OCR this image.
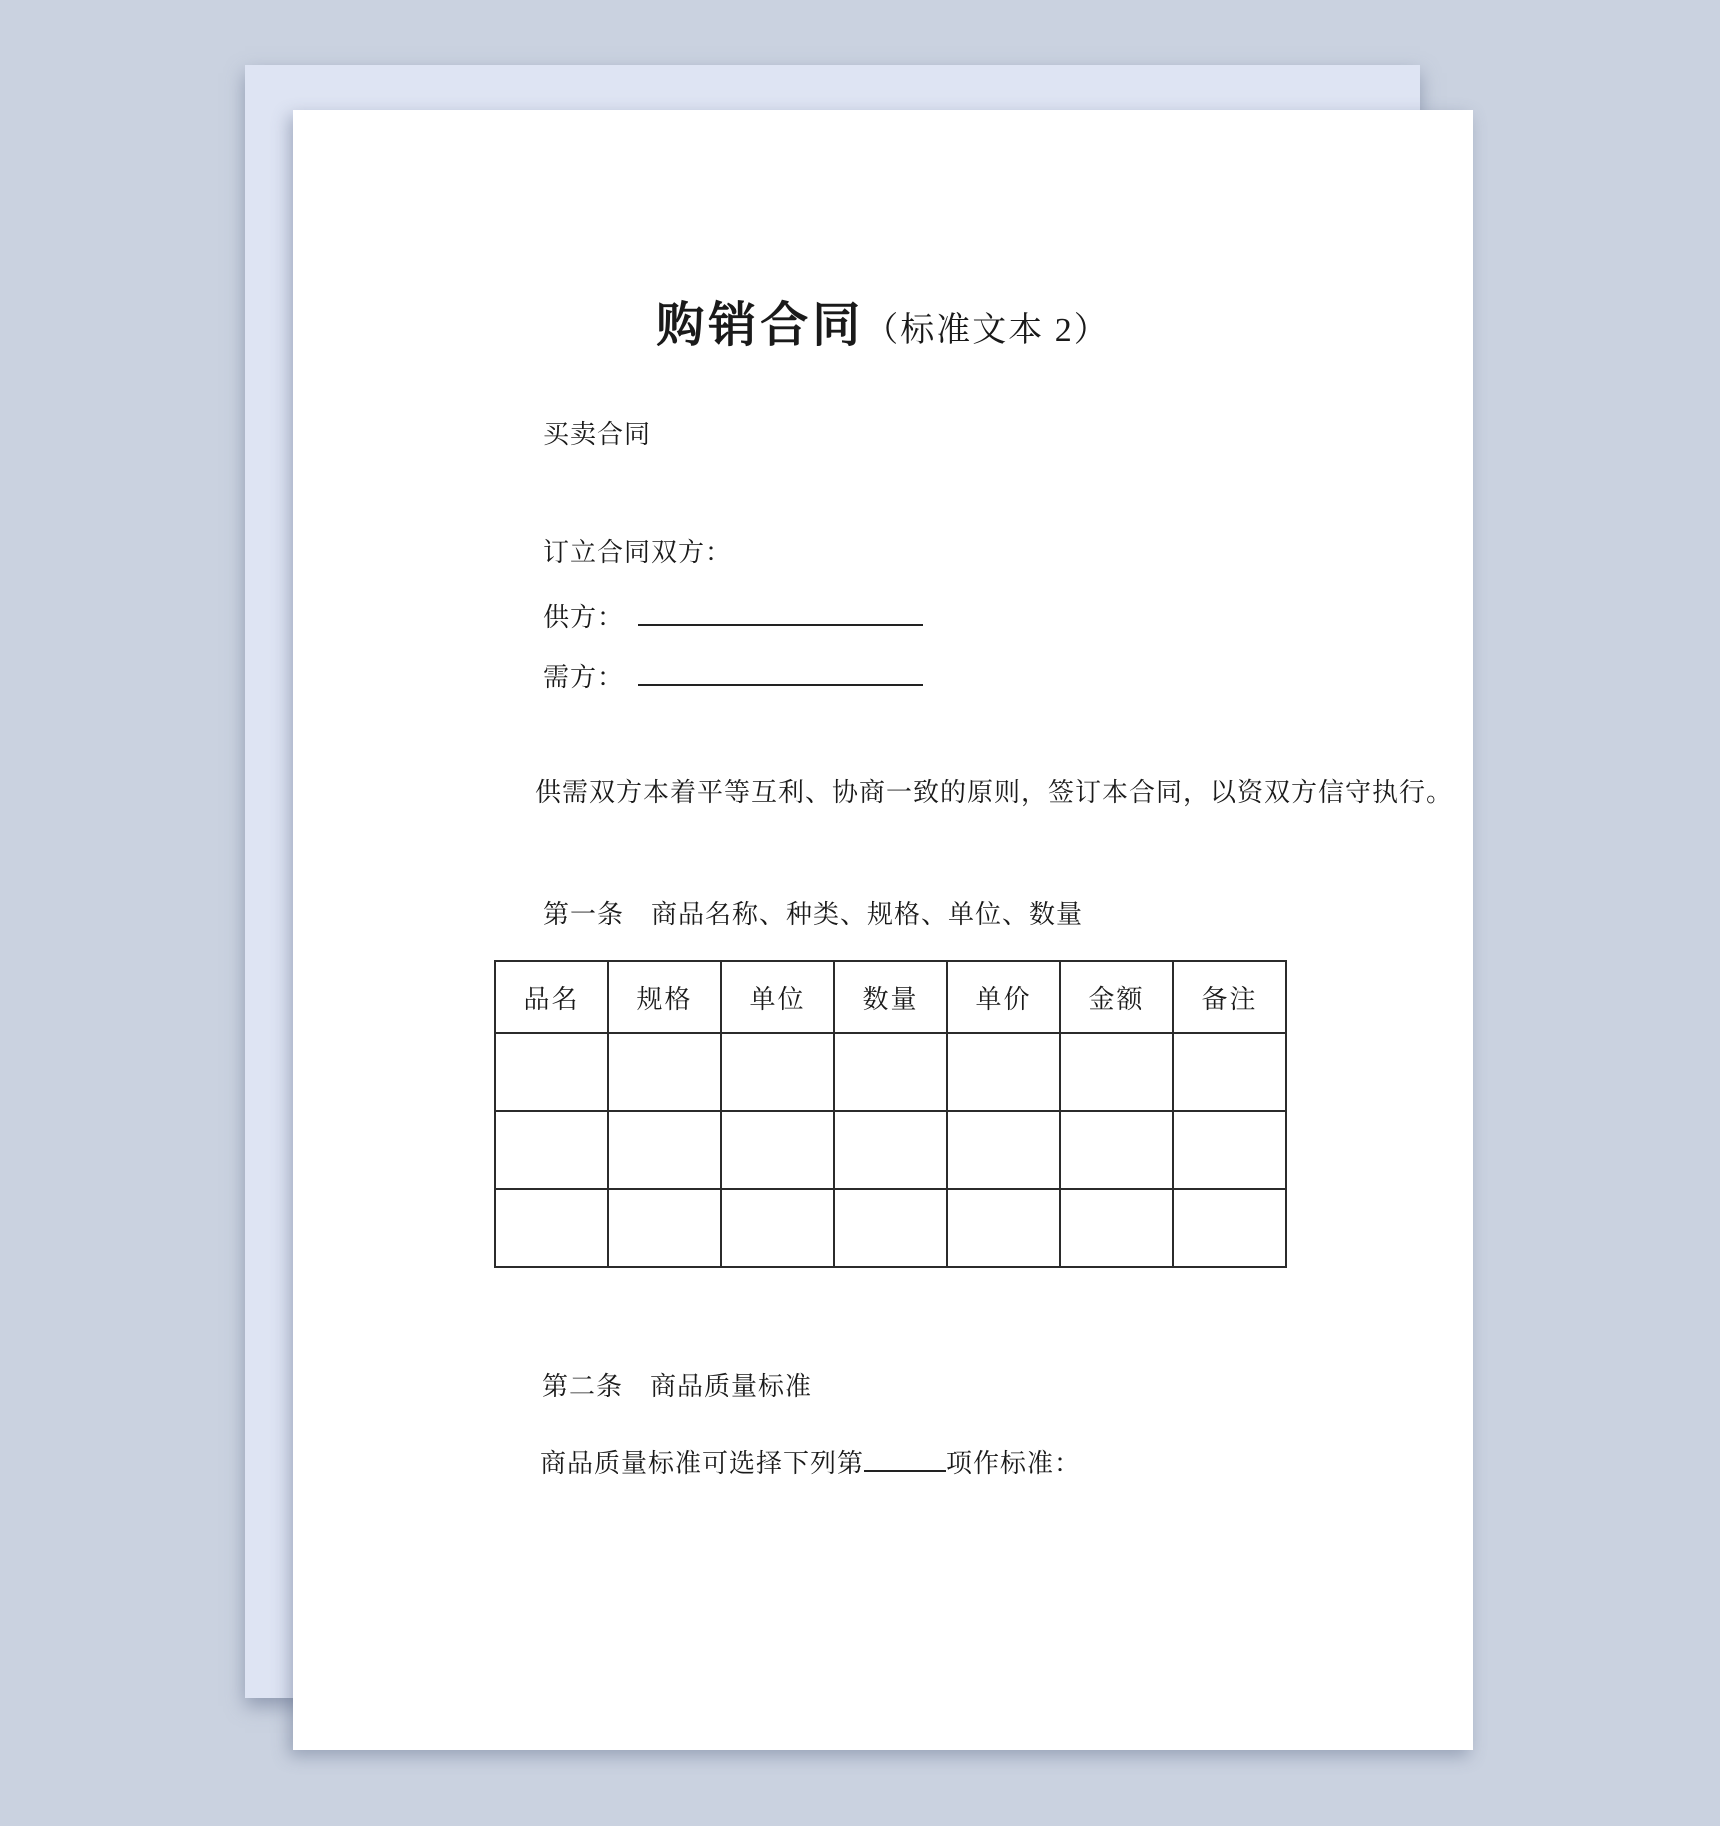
购销合同（标准文本 2）
买卖合同
订立合同双方：
供方：
需方：
供需双方本着平等互利、协商一致的原则，签订本合同，以资双方信守执行。
第一条　商品名称、种类、规格、单位、数量
品名	规格	单位	数量	单价	金额	备注

第二条　商品质量标准
商品质量标准可选择下列第	项作标准：
